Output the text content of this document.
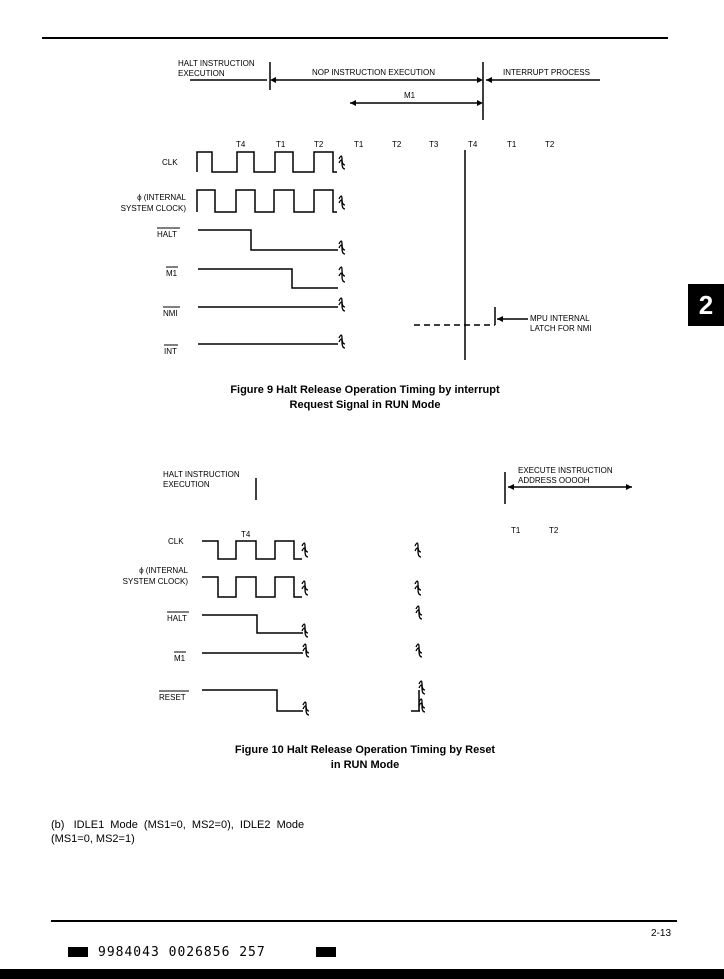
2
HALT INSTRUCTION
EXECUTION	NOP INSTRUCTION EXECUTION	INTERRUPT PROCESS
M1
T4	T1	T2	T1	T2	T3	T4	T1	T2
CLK
ϕ (INTERNAL
SYSTEM CLOCK)
HALT
M1
NMI
INT
MPU INTERNAL
LATCH FOR NMI
Figure 9 Halt Release Operation Timing by interrupt
Request Signal in RUN Mode
HALT INSTRUCTION
EXECUTION
EXECUTE INSTRUCTION
ADDRESS OOOOH
T4	T1	T2
CLK
ϕ (INTERNAL
SYSTEM CLOCK)
HALT
M1
RESET
Figure 10 Halt Release Operation Timing by Reset
in RUN Mode
(b)   IDLE1  Mode  (MS1=0,  MS2=0),  IDLE2  Mode
(MS1=0, MS2=1)
2-13
9984043 0026856 257
